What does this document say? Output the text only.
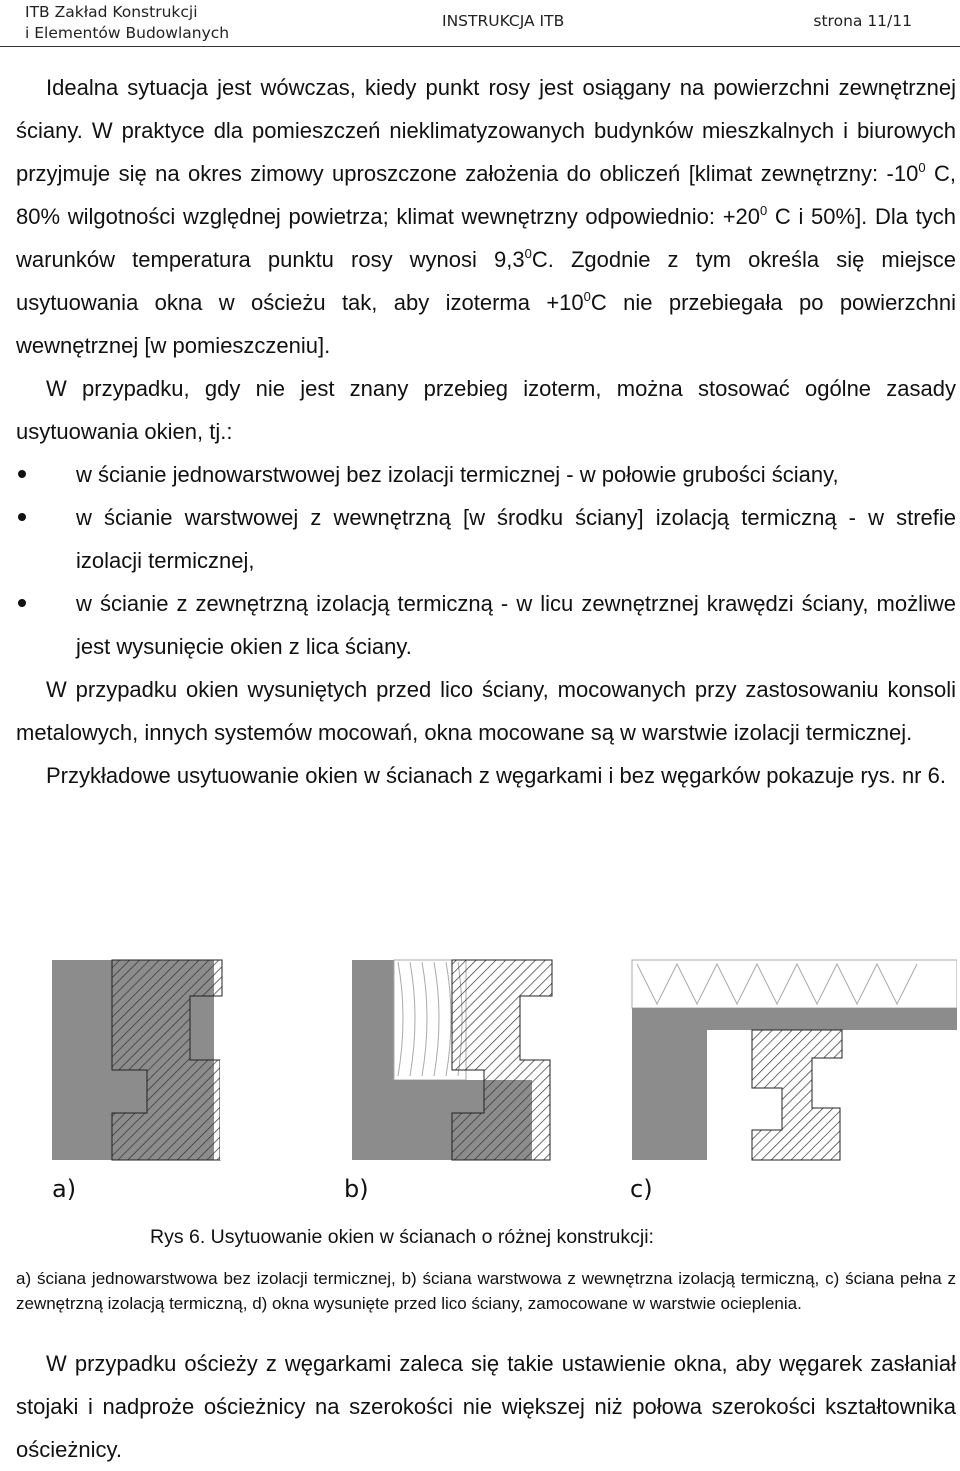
ITB Zakład Konstrukcji
i Elementów Budowlanych
INSTRUKCJA ITB	strona 11/11

Idealna sytuacja jest wówczas, kiedy punkt rosy jest osiągany na powierzchni zewnętrznej ściany. W praktyce dla pomieszczeń nieklimatyzowanych budynków mieszkalnych i biurowych przyjmuje się na okres zimowy uproszczone założenia do obliczeń [klimat zewnętrzny: $-10^0$ C, 80% wilgotności względnej powietrza; klimat wewnętrzny odpowiednio: $+20^0$ C i 50%]. Dla tych warunków temperatura punktu rosy wynosi $9,3^0C$. Zgodnie z tym określa się miejsce usytuowania okna w ościeżu tak, aby izoterma $+10^0C$ nie przebiegała po powierzchni wewnętrznej [w pomieszczeniu].

W przypadku, gdy nie jest znany przebieg izoterm, można stosować ogólne zasady usytuowania okien, tj.:

w ścianie jednowarstwowej bez izolacji termicznej - w połowie grubości ściany,
w ścianie warstwowej z wewnętrzną [w środku ściany] izolacją termiczną - w strefie izolacji termicznej,
w ścianie z zewnętrzną izolacją termiczną - w licu zewnętrznej krawędzi ściany, możliwe jest wysunięcie okien z lica ściany.

W przypadku okien wysuniętych przed lico ściany, mocowanych przy zastosowaniu konsoli metalowych, innych systemów mocowań, okna mocowane są w warstwie izolacji termicznej.

Przykładowe usytuowanie okien w ścianach z węgarkami i bez węgarków pokazuje rys. nr 6.

a)	b)	c)
Rys 6. Usytuowanie okien w ścianach o różnej konstrukcji:
a) ściana jednowarstwowa bez izolacji termicznej, b) ściana warstwowa z wewnętrzna izolacją termiczną, c) ściana pełna z zewnętrzną izolacją termiczną, d) okna wysunięte przed lico ściany, zamocowane w warstwie ocieplenia.

W przypadku ościeży z węgarkami zaleca się takie ustawienie okna, aby węgarek zasłaniał stojaki i nadproże ościeżnicy na szerokości nie większej niż połowa szerokości kształtownika ościeżnicy.
